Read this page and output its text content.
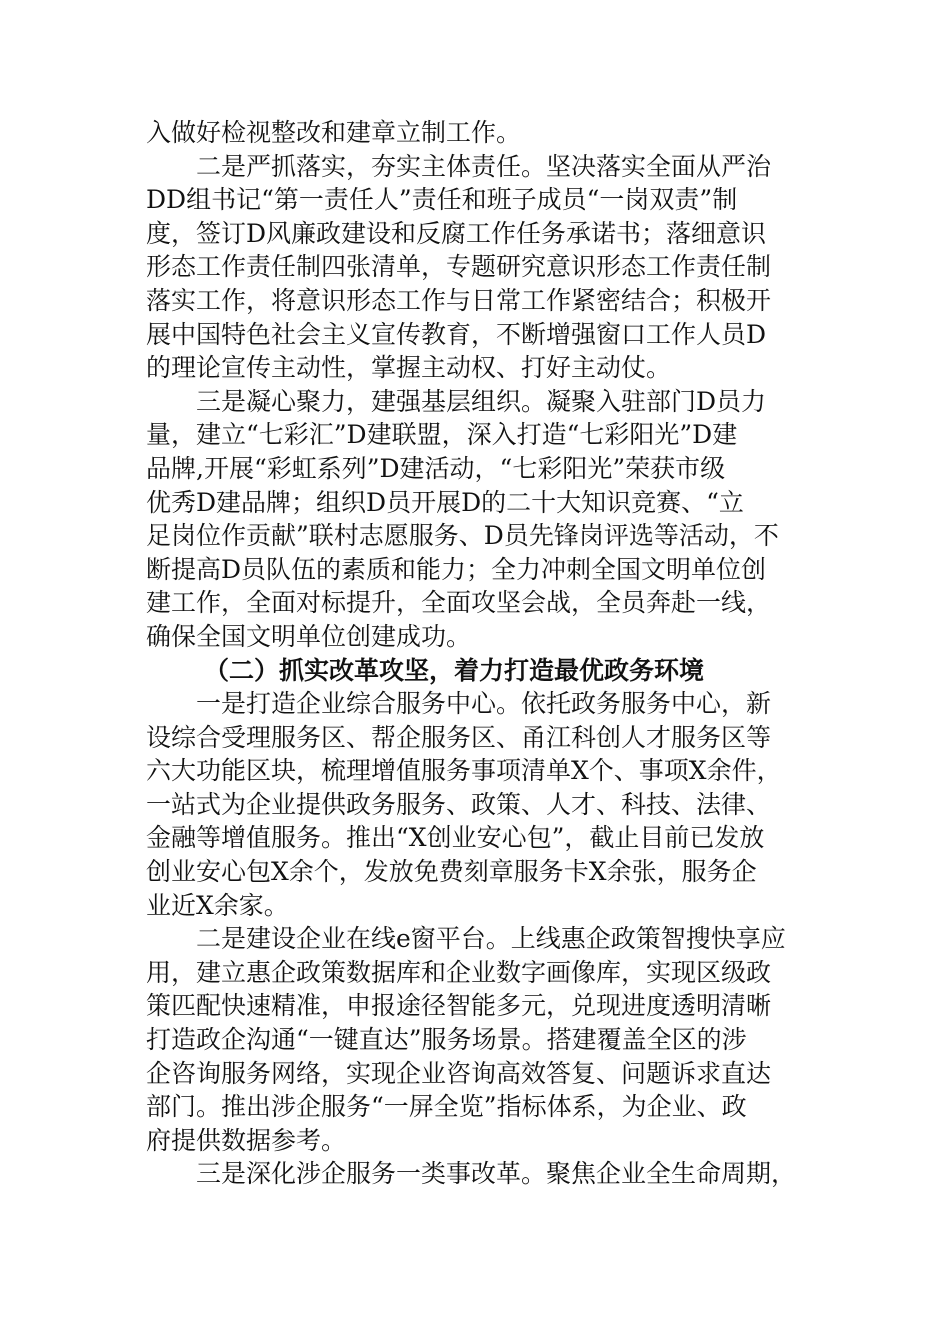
入做好检视整改和建章立制工作。

二是严抓落实，夯实主体责任。坚决落实全面从严治
DD组书记“第一责任人”责任和班子成员“一岗双责”制
度，签订D风廉政建设和反腐工作任务承诺书；落细意识
形态工作责任制四张清单，专题研究意识形态工作责任制
落实工作，将意识形态工作与日常工作紧密结合；积极开
展中国特色社会主义宣传教育，不断增强窗口工作人员D
的理论宣传主动性，掌握主动权、打好主动仗。

三是凝心聚力，建强基层组织。凝聚入驻部门D员力
量，建立“七彩汇”D建联盟，深入打造“七彩阳光”D建
品牌,开展“彩虹系列”D建活动，“七彩阳光”荣获市级
优秀D建品牌；组织D员开展D的二十大知识竞赛、“立
足岗位作贡献”联村志愿服务、D员先锋岗评选等活动，不
断提高D员队伍的素质和能力；全力冲刺全国文明单位创
建工作，全面对标提升，全面攻坚会战，全员奔赴一线，
确保全国文明单位创建成功。

（二）抓实改革攻坚，着力打造最优政务环境

一是打造企业综合服务中心。依托政务服务中心，新
设综合受理服务区、帮企服务区、甬江科创人才服务区等
六大功能区块，梳理增值服务事项清单X个、事项X余件，
一站式为企业提供政务服务、政策、人才、科技、法律、
金融等增值服务。推出“X创业安心包”，截止目前已发放
创业安心包X余个，发放免费刻章服务卡X余张，服务企
业近X余家。

二是建设企业在线e窗平台。上线惠企政策智搜快享应
用，建立惠企政策数据库和企业数字画像库，实现区级政
策匹配快速精准，申报途径智能多元，兑现进度透明清晰
打造政企沟通“一键直达”服务场景。搭建覆盖全区的涉
企咨询服务网络，实现企业咨询高效答复、问题诉求直达
部门。推出涉企服务“一屏全览”指标体系，为企业、政
府提供数据参考。

三是深化涉企服务一类事改革。聚焦企业全生命周期，
